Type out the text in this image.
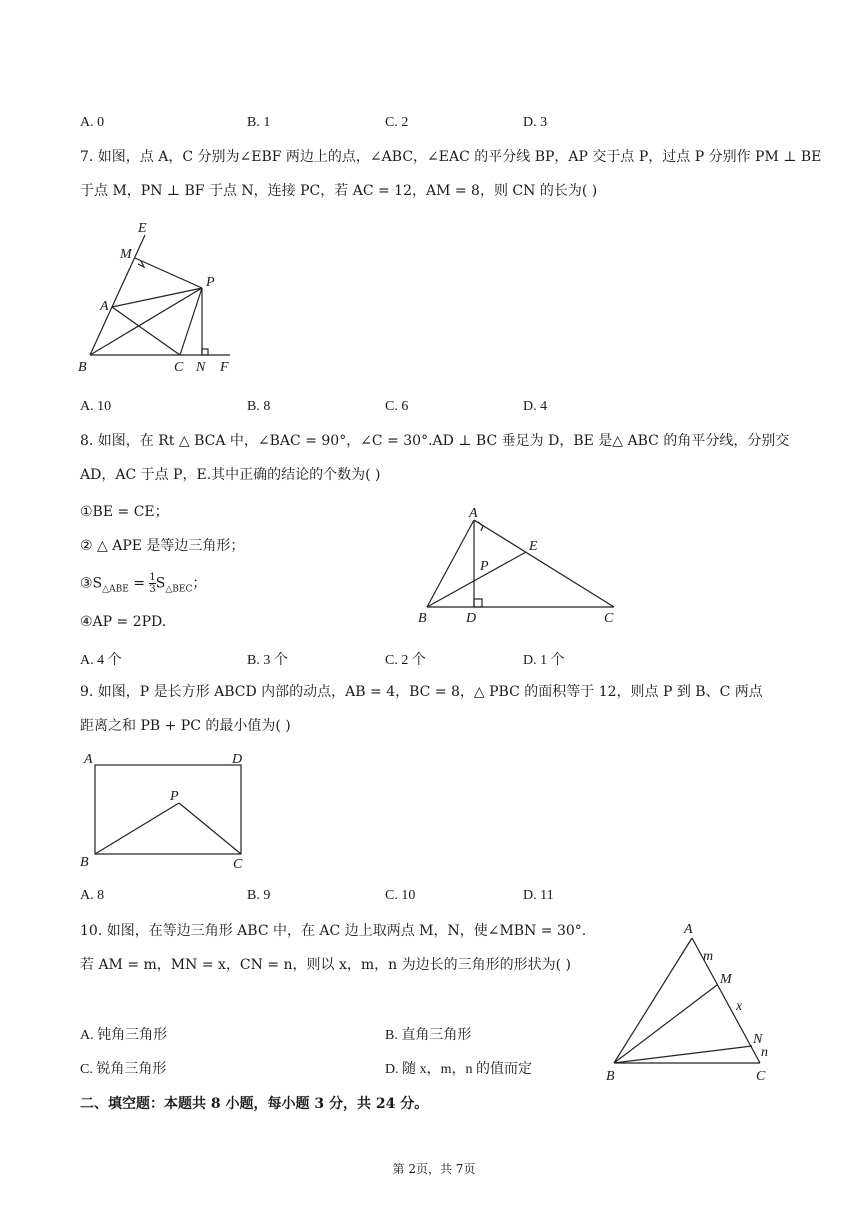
A. 0	B. 1	C. 2	D. 3
7. 如图，点 A，C 分别为∠EBF 两边上的点，∠ABC，∠EAC 的平分线 BP，AP 交于点 P，过点 P 分别作 PM ⊥ BE
于点 M，PN ⊥ BF 于点 N，连接 PC，若 AC = 12，AM = 8，则 CN 的长为( )
E
M
P
A
B	C N F
A. 10	B. 8	C. 6	D. 4
8. 如图，在 Rt △ BCA 中，∠BAC = 90°，∠C = 30°.AD ⊥ BC 垂足为 D，BE 是△ ABC 的角平分线，分别交
AD，AC 于点 P，E.其中正确的结论的个数为( )
①BE = CE；
② △ APE 是等边三角形；
$③S_{\triangle ABE} = \frac{1}{3} S_{\triangle BEC}$；
④AP = 2PD.
A
E
P
B	D	C
A. 4 个	B. 3 个	C. 2 个	D. 1 个
9. 如图，P 是长方形 ABCD 内部的动点，AB = 4，BC = 8，△ PBC 的面积等于 12，则点 P 到 B、C 两点
距离之和 PB + PC 的最小值为( )
A	D
P
B	C
A. 8	B. 9	C. 10	D. 11
10. 如图，在等边三角形 ABC 中，在 AC 边上取两点 M，N，使∠MBN = 30°.
若 AM = m，MN = x，CN = n，则以 x，m，n 为边长的三角形的形状为( )
A. 钝角三角形	B. 直角三角形
C. 锐角三角形	D. 随 x，m，n 的值而定
A
m
M
x
N
n
B	C
二、填空题：本题共 8 小题，每小题 3 分，共 24 分。
第 2页，共 7页
